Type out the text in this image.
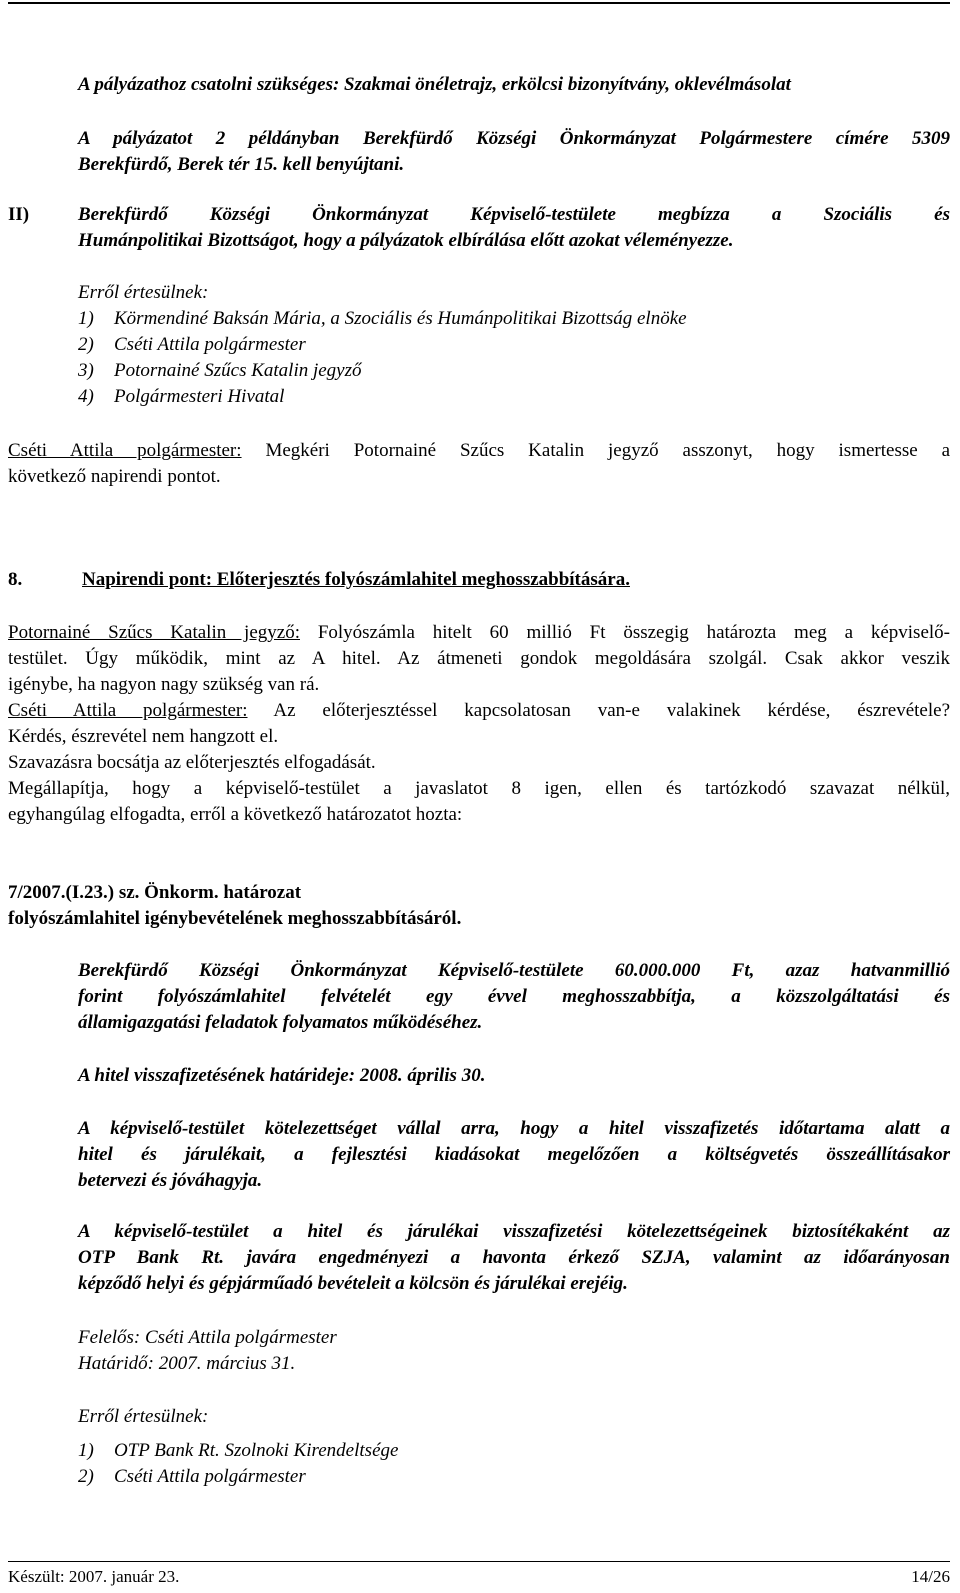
A pályázathoz csatolni szükséges: Szakmai önéletrajz, erkölcsi bizonyítvány, oklevélmásolat

A pályázatot 2 példányban Berekfürdő Községi Önkormányzat Polgármestere címére 5309

Berekfürdő, Berek tér 15. kell benyújtani.

II)	Berekfürdő Községi Önkormányzat Képviselő-testülete megbízza a Szociális és

Humánpolitikai Bizottságot, hogy a pályázatok elbírálása előtt azokat véleményezze.

Erről értesülnek:

1) Körmendiné Baksán Mária, a Szociális és Humánpolitikai Bizottság elnöke

2) Cséti Attila polgármester

3) Potornainé Szűcs Katalin jegyző

4) Polgármesteri Hivatal

Cséti Attila polgármester: Megkéri Potornainé Szűcs Katalin jegyző asszonyt, hogy ismertesse a

következő napirendi pontot.

8.	Napirendi pont: Előterjesztés folyószámlahitel meghosszabbítására.

Potornainé Szűcs Katalin jegyző: Folyószámla hitelt 60 millió Ft összegig határozta meg a képviselő-

testület. Úgy működik, mint az A hitel. Az átmeneti gondok megoldására szolgál. Csak akkor veszik

igénybe, ha nagyon nagy szükség van rá.

Cséti Attila polgármester: Az előterjesztéssel kapcsolatosan van-e valakinek kérdése, észrevétele?

Kérdés, észrevétel nem hangzott el.

Szavazásra bocsátja az előterjesztés elfogadását.

Megállapítja, hogy a képviselő-testület a javaslatot 8 igen, ellen és tartózkodó szavazat nélkül,

egyhangúlag elfogadta, erről a következő határozatot hozta:

7/2007.(I.23.) sz. Önkorm. határozat

folyószámlahitel igénybevételének meghosszabbításáról.

Berekfürdő Községi Önkormányzat Képviselő-testülete 60.000.000 Ft, azaz hatvanmillió

forint folyószámlahitel felvételét egy évvel meghosszabbítja, a közszolgáltatási és

államigazgatási feladatok folyamatos működéséhez.

A hitel visszafizetésének határideje: 2008. április 30.

A képviselő-testület kötelezettséget vállal arra, hogy a hitel visszafizetés időtartama alatt a

hitel és járulékait, a fejlesztési kiadásokat megelőzően a költségvetés összeállításakor

betervezi és jóváhagyja.

A képviselő-testület a hitel és járulékai visszafizetési kötelezettségeinek biztosítékaként az

OTP Bank Rt. javára engedményezi a havonta érkező SZJA, valamint az időarányosan

képződő helyi és gépjárműadó bevételeit a kölcsön és járulékai erejéig.

Felelős: Cséti Attila polgármester

Határidő: 2007. március 31.

Erről értesülnek:

1) OTP Bank Rt. Szolnoki Kirendeltsége

2) Cséti Attila polgármester

Készült: 2007. január 23.	14/26
